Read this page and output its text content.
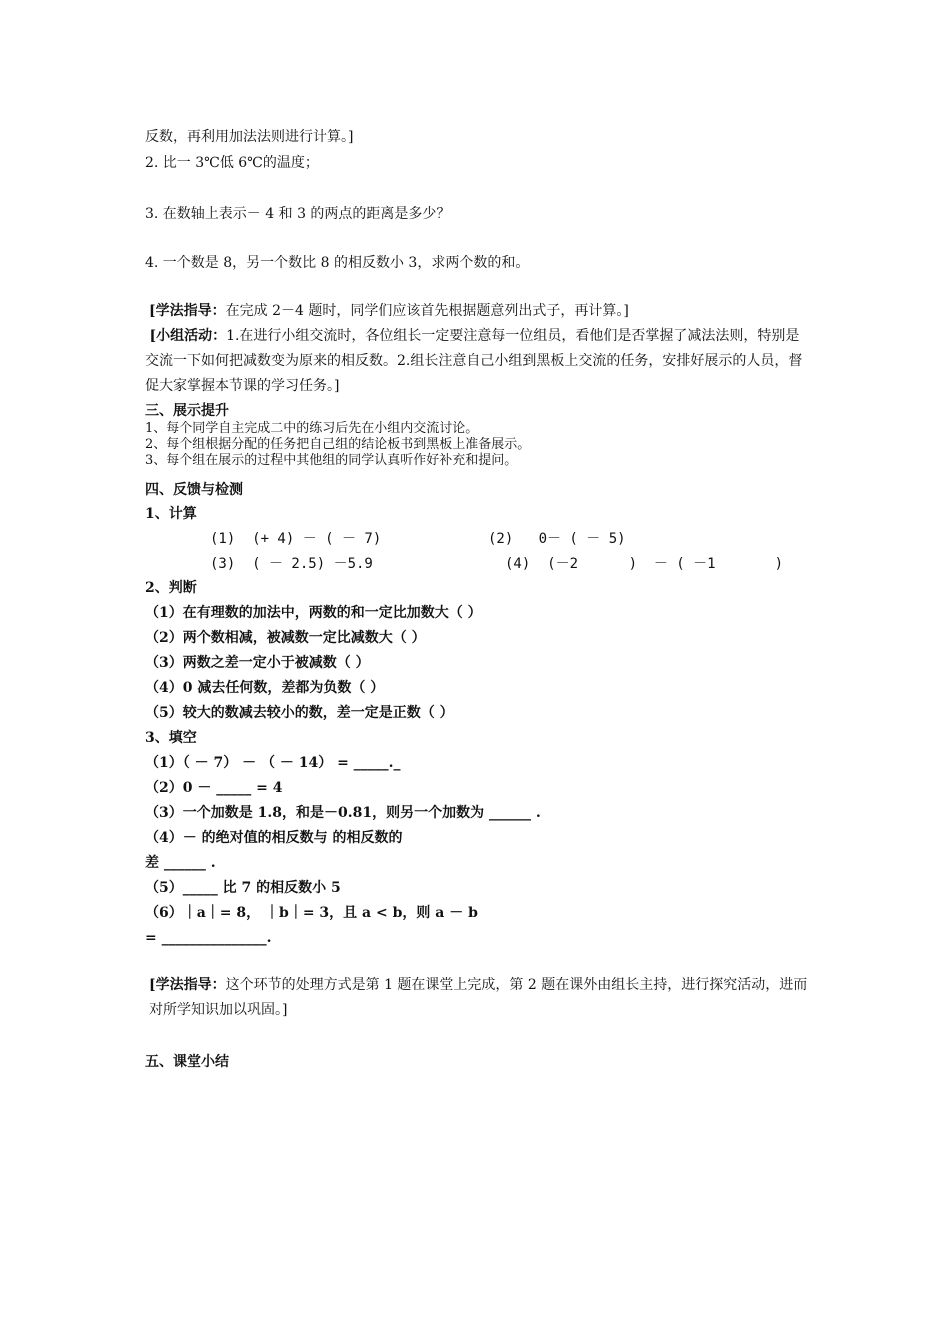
反数，再利用加法法则进行计算。]
2. 比一 3℃低 6℃的温度；
3. 在数轴上表示－ 4 和 3 的两点的距离是多少？
4. 一个数是 8，另一个数比 8 的相反数小 3，求两个数的和。
[学法指导：在完成 2－4 题时，同学们应该首先根据题意列出式子，再计算。]
[小组活动：1.在进行小组交流时，各位组长一定要注意每一位组员，看他们是否掌握了减法法则，特别是交流一下如何把减数变为原来的相反数。2.组长注意自己小组到黑板上交流的任务，安排好展示的人员，督促大家掌握本节课的学习任务。]
三、展示提升
1、每个同学自主完成二中的练习后先在小组内交流讨论。
2、每个组根据分配的任务把自己组的结论板书到黑板上准备展示。
3、每个组在展示的过程中其他组的同学认真听作好补充和提问。
四、反馈与检测
1、计算
(1)  (+ 4) － ( － 7)	(2)   0－ ( － 5)
(3)  ( － 2.5) －5.9	(4)  (－2      )  － ( －1       )
2、判断
（1）在有理数的加法中，两数的和一定比加数大（ ）
（2）两个数相减，被减数一定比减数大（ ）
（3）两数之差一定小于被减数（ ）
（4）0 减去任何数，差都为负数（ ）
（5）较大的数减去较小的数，差一定是正数（ ）
3、填空
（1）（ － 7） － （ － 14） = _____._
（2）0 － _____ = 4
（3）一个加数是 1.8，和是－0.81，则另一个加数为 ______ .
（4）－ 的绝对值的相反数与 的相反数的
差 ______ .
（5）_____ 比 7 的相反数小 5
（6）｜a｜= 8， ｜b｜= 3，且 a < b，则 a － b
= _______________.
[学法指导：这个环节的处理方式是第 1 题在课堂上完成，第 2 题在课外由组长主持，进行探究活动，进而对所学知识加以巩固。]
五、课堂小结
